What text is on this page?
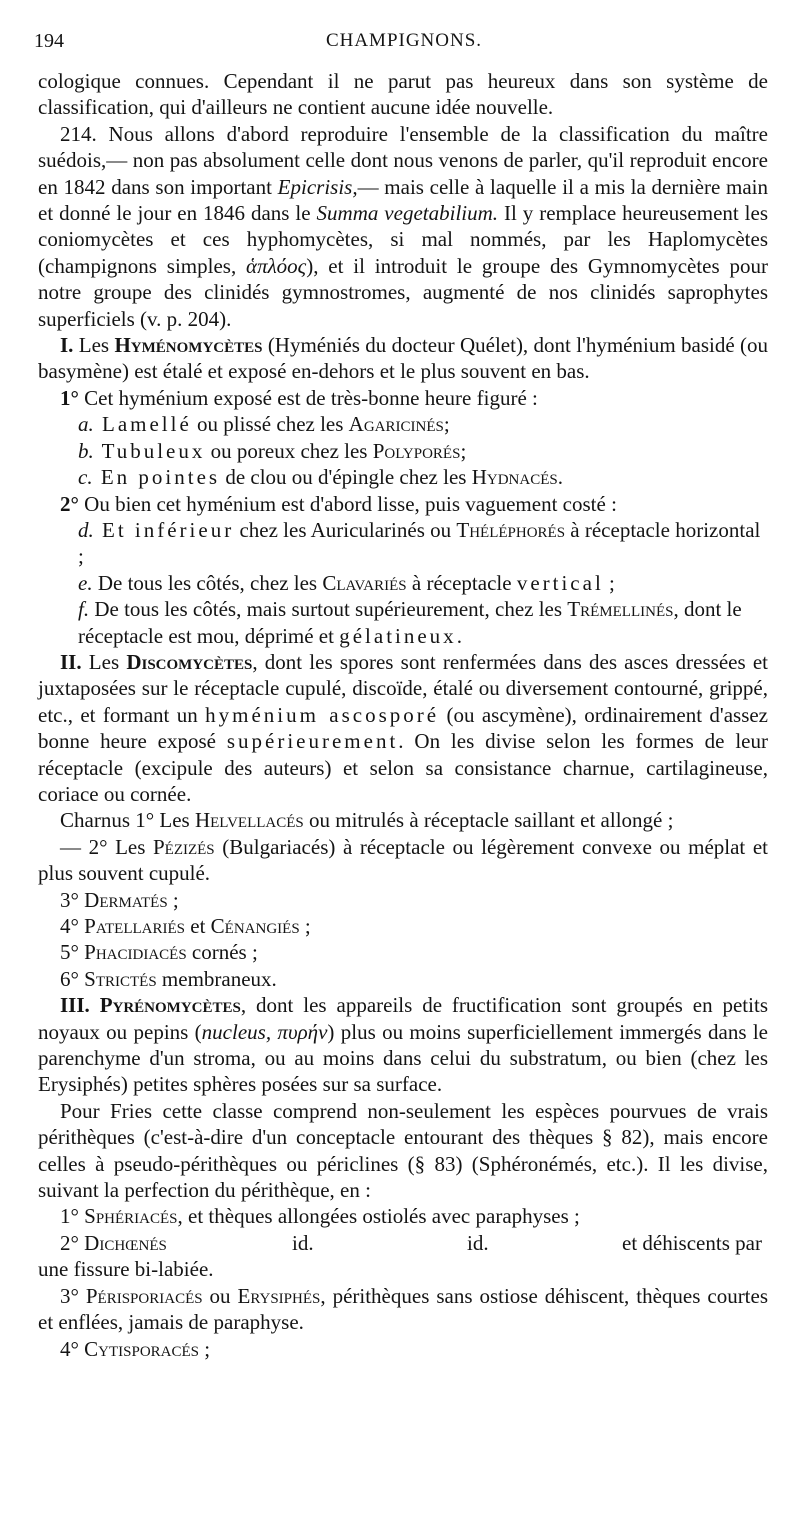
194	CHAMPIGNONS.

cologique connues. Cependant il ne parut pas heureux dans son système de classification, qui d'ailleurs ne contient aucune idée nouvelle.

214. Nous allons d'abord reproduire l'ensemble de la classification du maître suédois,— non pas absolument celle dont nous venons de parler, qu'il reproduit encore en 1842 dans son important Epicrisis,— mais celle à laquelle il a mis la dernière main et donné le jour en 1846 dans le Summa vegetabilium. Il y remplace heureusement les coniomycètes et ces hyphomycètes, si mal nommés, par les Haplomycètes (champignons simples, ἁπλόος), et il introduit le groupe des Gymnomycètes pour notre groupe des clinidés gymnostromes, augmenté de nos clinidés saprophytes superficiels (v. p. 204).

I. Les Hyménomycètes (Hyméniés du docteur Quélet), dont l'hyménium basidé (ou basymène) est étalé et exposé en-dehors et le plus souvent en bas.

1° Cet hyménium exposé est de très-bonne heure figuré :

a. Lamellé ou plissé chez les Agaricinés;

b. Tubuleux ou poreux chez les Polyporés;

c. En pointes de clou ou d'épingle chez les Hydnacés.

2° Ou bien cet hyménium est d'abord lisse, puis vaguement costé :

d. Et inférieur chez les Auricularinés ou Théléphorés à réceptacle horizontal ;

e. De tous les côtés, chez les Clavariés à réceptacle vertical ;

f. De tous les côtés, mais surtout supérieurement, chez les Trémellinés, dont le réceptacle est mou, déprimé et gélatineux.

II. Les Discomycètes, dont les spores sont renfermées dans des asces dressées et juxtaposées sur le réceptacle cupulé, discoïde, étalé ou diversement contourné, grippé, etc., et formant un hyménium ascosporé (ou ascymène), ordinairement d'assez bonne heure exposé supérieurement. On les divise selon les formes de leur réceptacle (excipule des auteurs) et selon sa consistance charnue, cartilagineuse, coriace ou cornée.

Charnus 1° Les Helvellacés ou mitrulés à réceptacle saillant et allongé ;

— 2° Les Pézizés (Bulgariacés) à réceptacle ou légèrement convexe ou méplat et plus souvent cupulé.

3° Dermatés ;

4° Patellariés et Cénangiés ;

5° Phacidiacés cornés ;

6° Strictés membraneux.

III. Pyrénomycètes, dont les appareils de fructification sont groupés en petits noyaux ou pepins (nucleus, πυρήν) plus ou moins superficiellement immergés dans le parenchyme d'un stroma, ou au moins dans celui du substratum, ou bien (chez les Erysiphés) petites sphères posées sur sa surface.

Pour Fries cette classe comprend non-seulement les espèces pourvues de vrais périthèques (c'est-à-dire d'un conceptacle entourant des thèques § 82), mais encore celles à pseudo-périthèques ou périclines (§ 83) (Sphéronémés, etc.). Il les divise, suivant la perfection du périthèque, en :

1° Sphériacés, et thèques allongées ostiolés avec paraphyses ;

2° Dichœnés	id.	id.	et déhiscents par

une fissure bi-labiée.

3° Périsporiacés ou Erysiphés, périthèques sans ostiose déhiscent, thèques courtes et enflées, jamais de paraphyse.

4° Cytisporacés ;
